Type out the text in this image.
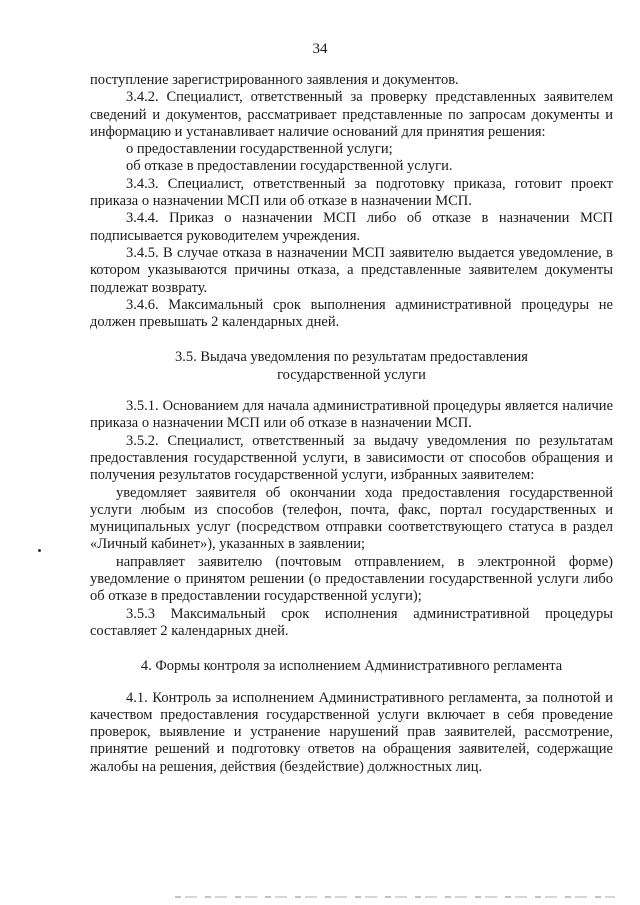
34

поступление зарегистрированного заявления и документов.

3.4.2. Специалист, ответственный за проверку представленных заявителем сведений и документов, рассматривает представленные по запросам документы и информацию и устанавливает наличие оснований для принятия решения:

о предоставлении государственной услуги;

об отказе в предоставлении государственной услуги.

3.4.3. Специалист, ответственный за подготовку приказа, готовит проект приказа о назначении МСП или об отказе в назначении МСП.

3.4.4. Приказ о назначении МСП либо об отказе в назначении МСП подписывается руководителем учреждения.

3.4.5. В случае отказа в назначении МСП заявителю выдается уведомление, в котором указываются причины отказа, а представленные заявителем документы подлежат возврату.

3.4.6. Максимальный срок выполнения административной процедуры не должен превышать 2 календарных дней.

3.5. Выдача уведомления по результатам предоставления государственной услуги

3.5.1. Основанием для начала административной процедуры является наличие приказа о назначении МСП или об отказе в назначении МСП.

3.5.2. Специалист, ответственный за выдачу уведомления по результатам предоставления государственной услуги, в зависимости от способов обращения и получения результатов государственной услуги, избранных заявителем:

уведомляет заявителя об окончании хода предоставления государственной услуги любым из способов (телефон, почта, факс, портал государственных и муниципальных услуг (посредством отправки соответствующего статуса в раздел «Личный кабинет»), указанных в заявлении;

направляет заявителю (почтовым отправлением, в электронной форме) уведомление о принятом решении (о предоставлении государственной услуги либо об отказе в предоставлении государственной услуги);

3.5.3 Максимальный срок исполнения административной процедуры составляет 2 календарных дней.

4. Формы контроля за исполнением Административного регламента

4.1. Контроль за исполнением Административного регламента, за полнотой и качеством предоставления государственной услуги включает в себя проведение проверок, выявление и устранение нарушений прав заявителей, рассмотрение, принятие решений и подготовку ответов на обращения заявителей, содержащие жалобы на решения, действия (бездействие) должностных лиц.
